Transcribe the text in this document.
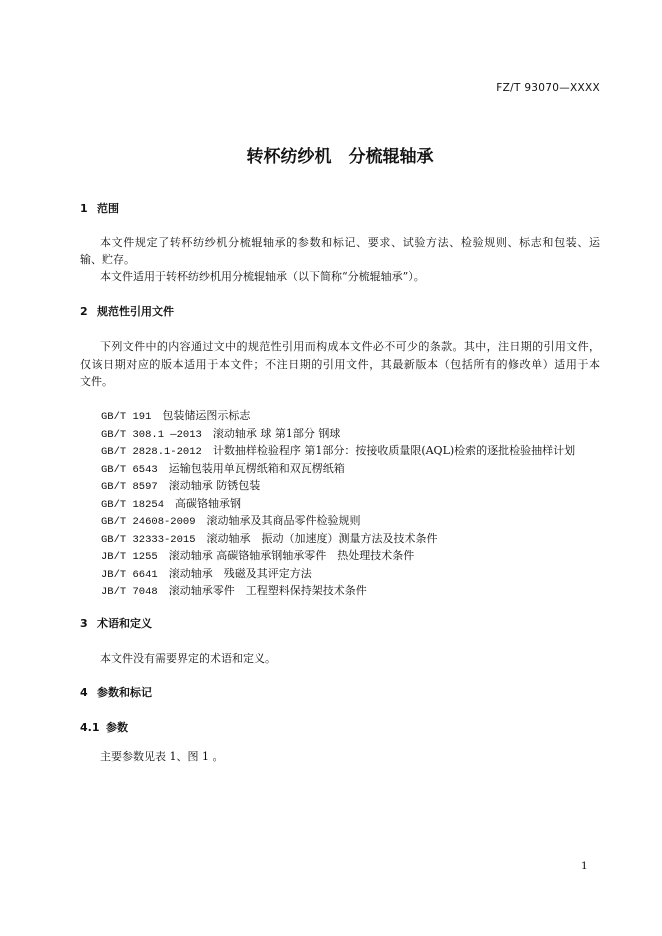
FZ/T 93070—XXXX
转杯纺纱机　分梳辊轴承
1 范围
本文件规定了转杯纺纱机分梳辊轴承的参数和标记、要求、试验方法、检验规则、标志和包装、运
输、贮存。
本文件适用于转杯纺纱机用分梳辊轴承（以下简称“分梳辊轴承”）。
2 规范性引用文件
下列文件中的内容通过文中的规范性引用而构成本文件必不可少的条款。其中，注日期的引用文件，
仅该日期对应的版本适用于本文件；不注日期的引用文件，其最新版本（包括所有的修改单）适用于本
文件。
GB/T 191 包装储运图示标志
GB/T 308.1 —2013 滚动轴承 球 第1部分 钢球
GB/T 2828.1-2012 计数抽样检验程序 第1部分：按接收质量限(AQL)检索的逐批检验抽样计划
GB/T 6543 运输包装用单瓦楞纸箱和双瓦楞纸箱
GB/T 8597 滚动轴承 防锈包装
GB/T 18254 高碳铬轴承钢
GB/T 24608-2009 滚动轴承及其商品零件检验规则
GB/T 32333-2015 滚动轴承　振动（加速度）测量方法及技术条件
JB/T 1255 滚动轴承 高碳铬轴承钢轴承零件　热处理技术条件
JB/T 6641 滚动轴承　残磁及其评定方法
JB/T 7048 滚动轴承零件　工程塑料保持架技术条件
3 术语和定义
本文件没有需要界定的术语和定义。
4 参数和标记
4.1 参数
主要参数见表 1、图 1 。
1
